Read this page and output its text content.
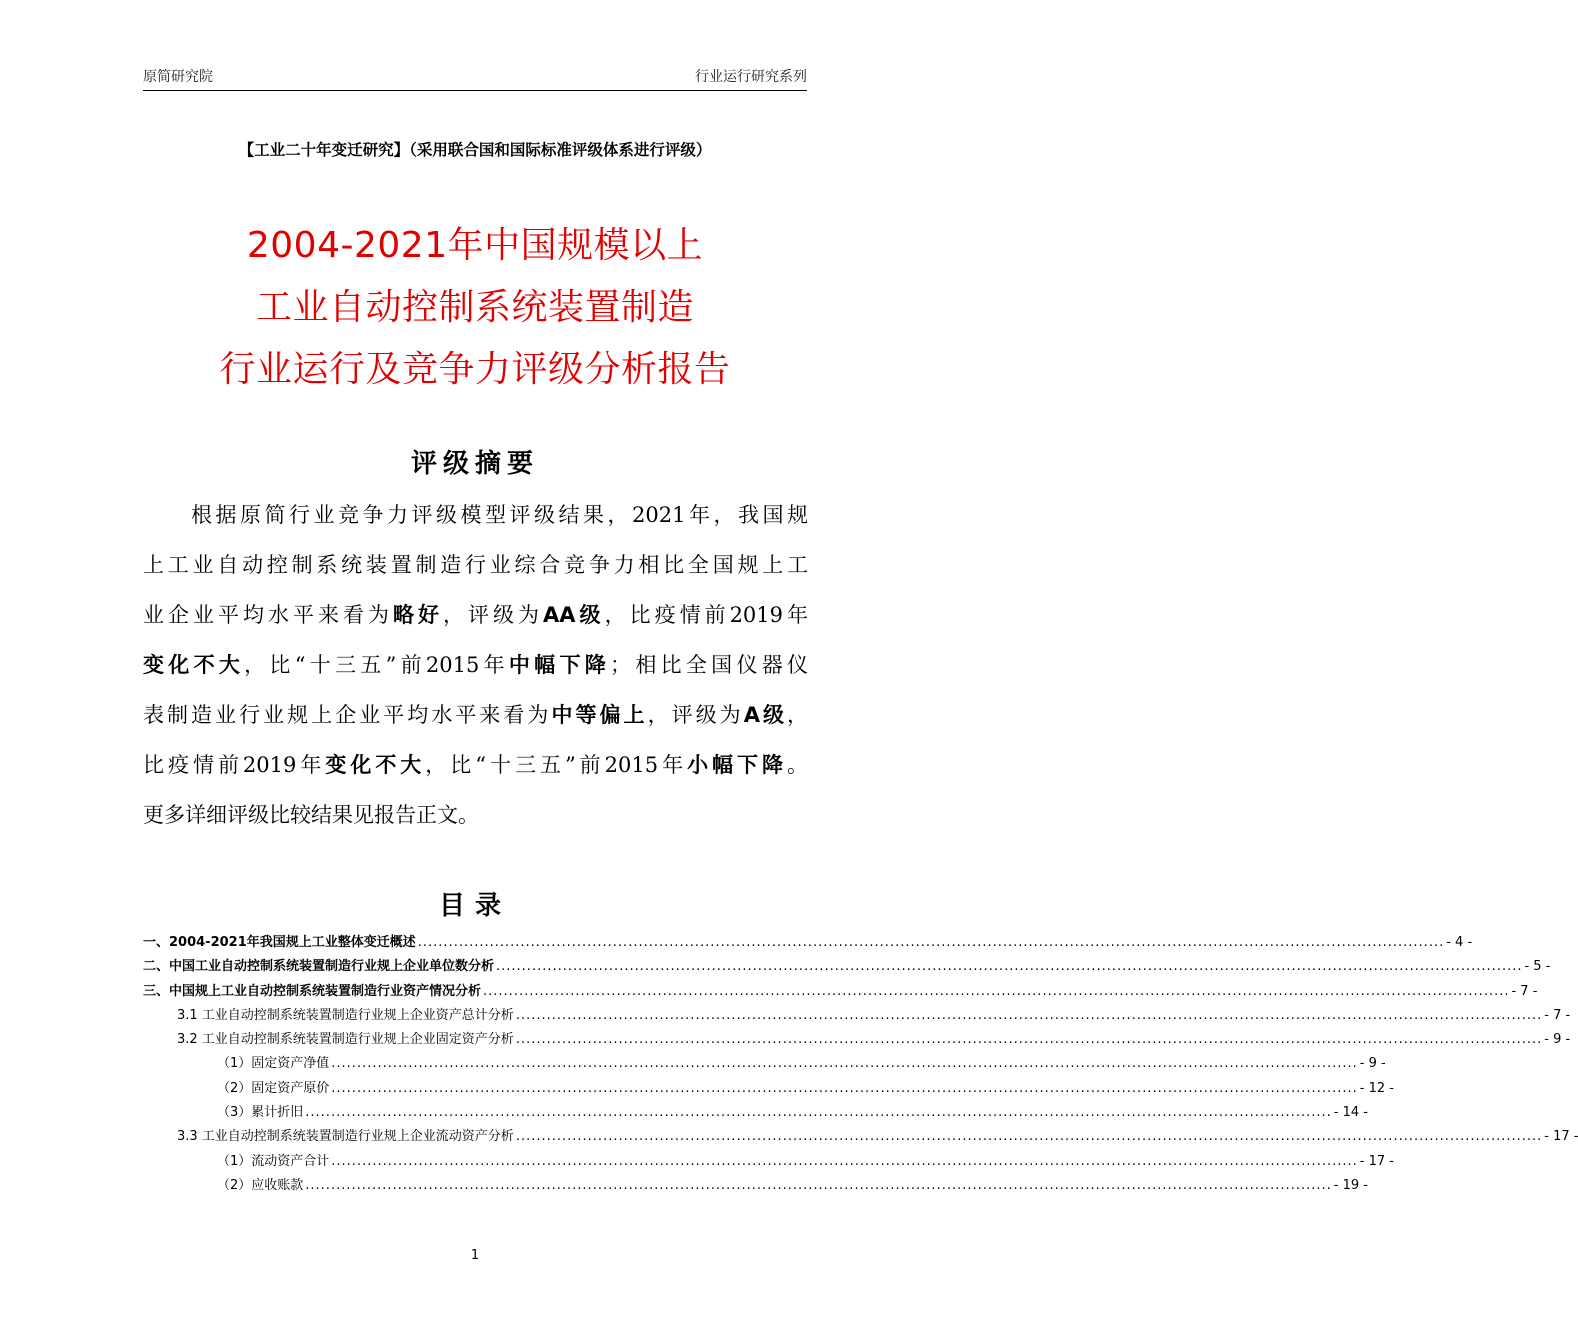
原简研究院	行业运行研究系列
【工业二十年变迁研究】（采用联合国和国际标准评级体系进行评级）
2004-2021年中国规模以上
工业自动控制系统装置制造
行业运行及竞争力评级分析报告
评级摘要
根据原简行业竞争力评级模型评级结果，2021年，我国规
上工业自动控制系统装置制造行业综合竞争力相比全国规上工
业企业平均水平来看为略好，评级为AA级，比疫情前2019年
变化不大，比“十三五”前2015年中幅下降；相比全国仪器仪
表制造业行业规上企业平均水平来看为中等偏上，评级为A级，
比疫情前2019年变化不大，比“十三五”前2015年小幅下降。
更多详细评级比较结果见报告正文。
目录
一、2004-2021年我国规上工业整体变迁概述 ........................................................................................................................................................................................................ - 4 -
二、中国工业自动控制系统装置制造行业规上企业单位数分析 ........................................................................................................................................................................................................ - 5 -
三、中国规上工业自动控制系统装置制造行业资产情况分析 ........................................................................................................................................................................................................ - 7 -
3.1 工业自动控制系统装置制造行业规上企业资产总计分析 ........................................................................................................................................................................................................ - 7 -
3.2 工业自动控制系统装置制造行业规上企业固定资产分析 ........................................................................................................................................................................................................ - 9 -
（1）固定资产净值 ........................................................................................................................................................................................................ - 9 -
（2）固定资产原价 ........................................................................................................................................................................................................ - 12 -
（3）累计折旧 ........................................................................................................................................................................................................ - 14 -
3.3 工业自动控制系统装置制造行业规上企业流动资产分析 ........................................................................................................................................................................................................ - 17 -
（1）流动资产合计 ........................................................................................................................................................................................................ - 17 -
（2）应收账款 ........................................................................................................................................................................................................ - 19 -
1
